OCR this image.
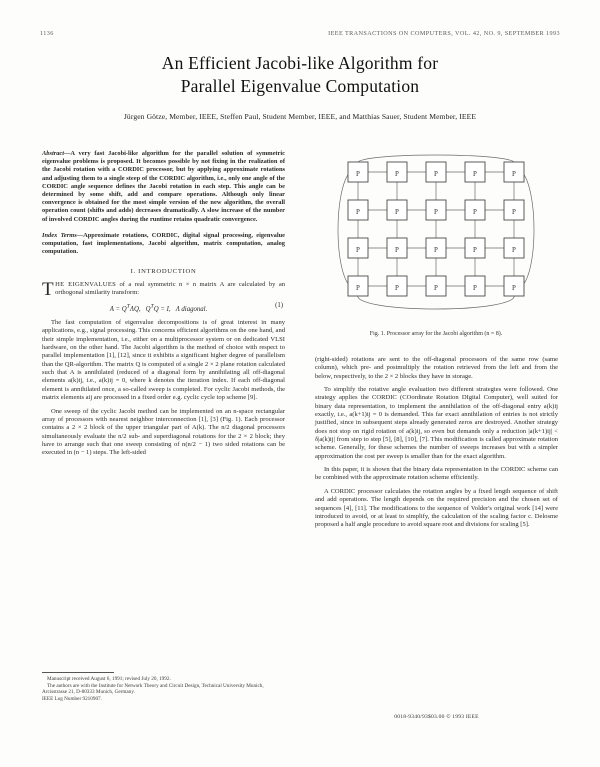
1136	IEEE TRANSACTIONS ON COMPUTERS, VOL. 42, NO. 9, SEPTEMBER 1993
An Efficient Jacobi-like Algorithm for
Parallel Eigenvalue Computation
Jürgen Götze, Member, IEEE, Steffen Paul, Student Member, IEEE, and Matthias Sauer, Student Member, IEEE
Abstract—A very fast Jacobi-like algorithm for the parallel solution of symmetric eigenvalue problems is proposed. It becomes possible by not fixing in the realization of the Jacobi rotation with a CORDIC processor, but by applying approximate rotations and adjusting them to a single steep of the CORDIC algorithm, i.e., only one angle of the CORDIC angle sequence defines the Jacobi rotation in each step. This angle can be determined by some shift, add and compare operations. Although only linear convergence is obtained for the most simple version of the new algorithm, the overall operation count (shifts and adds) decreases dramatically. A slow increase of the number of involved CORDIC angles during the runtime retains quadratic convergence.
Index Terms—Approximate rotations, CORDIC, digital signal processing, eigenvalue computation, fast implementations, Jacobi algorithm, matrix computation, analog computation.
I. INTRODUCTION

THE EIGENVALUES of a real symmetric n × n matrix A are calculated by an orthogonal similarity transform:

(1)
$A = Q^T\Lambda Q$,   $Q^TQ = I$,   Λ diagonal.

The fast computation of eigenvalue decompositions is of great interest in many applications, e.g., signal processing. This concerns efficient algorithms on the one hand, and their simple implementation, i.e., either on a multiprocessor system or on dedicated VLSI hardware, on the other hand. The Jacobi algorithm is the method of choice with respect to parallel implementation [1], [12], since it exhibits a significant higher degree of parallelism than the QR-algorithm. The matrix Q is computed of a single 2 × 2 plane rotation calculated such that A is annihilated (reduced of a diagonal form by annihilating all off-diagonal elements a(k)ij, i.e., a(k)ij = 0, where k denotes the iteration index. If each off-diagonal element is annihilated once, a so-called sweep is completed. For cyclic Jacobi methods, the matrix elements aij are processed in a fixed order e.g. cyclic cycle top scheme [9].

One sweep of the cyclic Jacobi method can be implemented on an n-space rectangular array of processors with nearest neighbor interconnection [1], [3] (Fig. 1). Each processor contains a 2 × 2 block of the upper triangular part of A(k). The n/2 diagonal processors simultaneously evaluate the n/2 sub- and superdiagonal rotations for the 2 × 2 block; they have to arrange such that one sweep consisting of n(n/2 − 1) two sided rotations can be executed in (n − 1) steps. The left-sided

P	P	P	P	P
P	P	P	P	P
P	P	P	P	P
P	P	P	P	P
Fig. 1. Processor array for the Jacobi algorithm (n = 8).

(right-sided) rotations are sent to the off-diagonal processors of the same row (same column), which pre- and postmultiply the rotation retrieved from the left and from the below, respectively, to the 2 × 2 blocks they have in storage.

To simplify the rotative angle evaluation two different strategies were followed. One strategy applies the CORDIC (COordinate Rotation DIgital Computer), well suited for binary data representation, to implement the annihilation of the off-diagonal entry a(k)ij exactly, i.e., a(k+1)ij = 0 is demanded. This far exact annihilation of entries is not strictly justified, since in subsequent steps already generated zeros are destroyed. Another strategy does not stop on rigid rotation of a(k)ij, so even but demands only a reduction |a(k+1)ij| < δ|a(k)ij| from step to step [5], [8], [10], [7]. This modification is called approximate rotation scheme. Generally, for these schemes the number of sweeps increases but with a simpler approximation the cost per sweep is smaller than for the exact algorithm.

In this paper, it is shown that the binary data representation in the CORDIC scheme can be combined with the approximate rotation scheme efficiently.

A CORDIC processor calculates the rotation angles by a fixed length sequence of shift and add operations. The length depends on the required precision and the chosen set of sequences [4], [11]. The modifications to the sequence of Volder's original work [14] were introduced to avoid, or at least to simplify, the calculation of the scaling factor c. Delosme proposed a half angle procedure to avoid square root and divisions for scaling [5].

Manuscript received August 6, 1991; revised July 20, 1992.

The authors are with the Institute for Network Theory and Circuit Design, Technical University Munich, Arcisstrasse 21, D-80333 Munich, Germany.

IEEE Log Number 9210907.

0018-9340/93$03.00 © 1993 IEEE
